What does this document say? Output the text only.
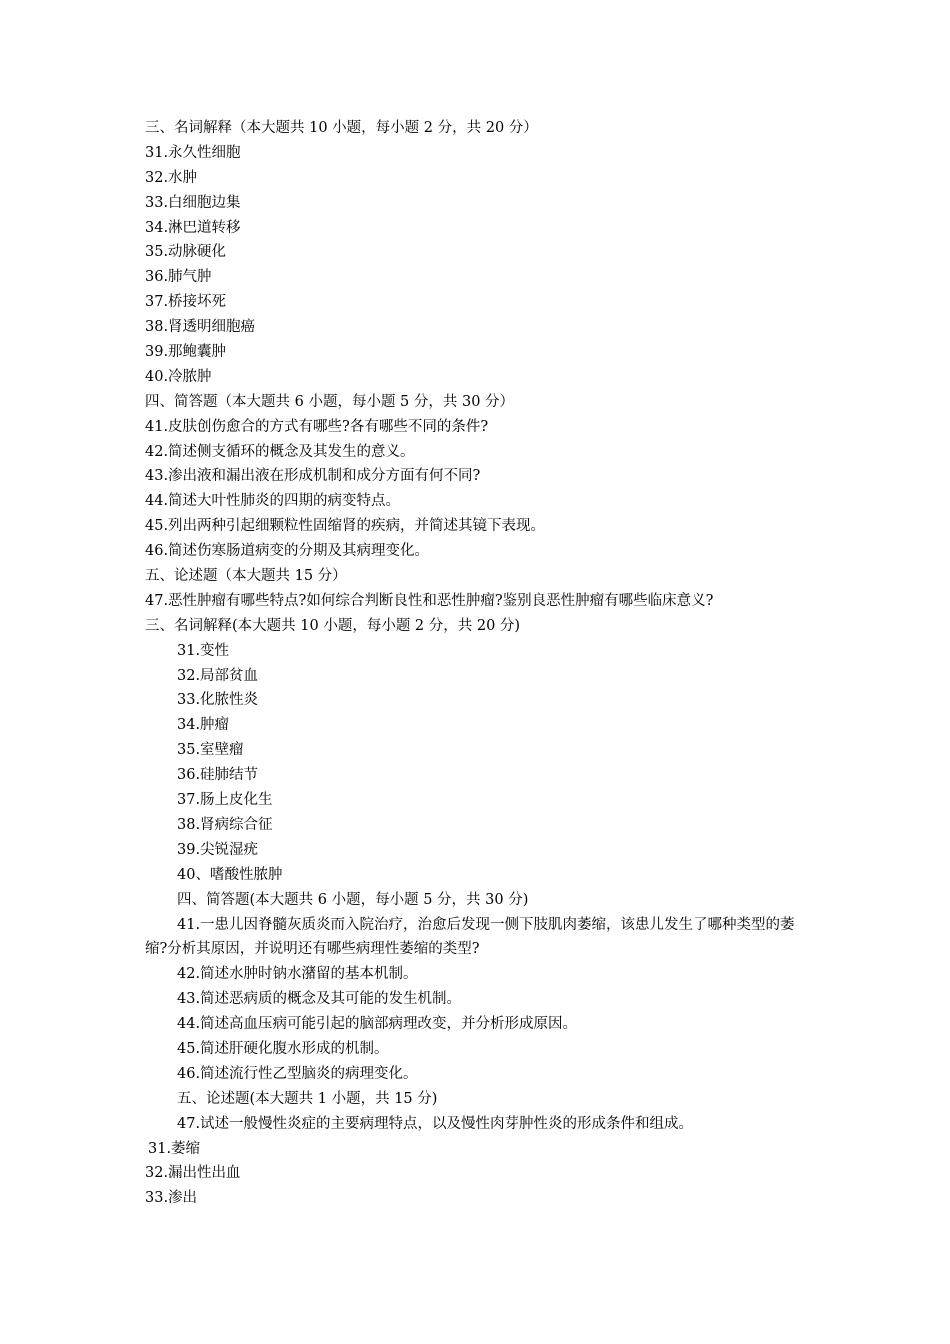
三、名词解释（本大题共 10 小题，每小题 2 分，共 20 分）

31.永久性细胞

32.水肿

33.白细胞边集

34.淋巴道转移

35.动脉硬化

36.肺气肿

37.桥接坏死

38.肾透明细胞癌

39.那鲍囊肿

40.冷脓肿

四、简答题（本大题共 6 小题，每小题 5 分，共 30 分）

41.皮肤创伤愈合的方式有哪些?各有哪些不同的条件?

42.简述侧支循环的概念及其发生的意义。

43.渗出液和漏出液在形成机制和成分方面有何不同?

44.简述大叶性肺炎的四期的病变特点。

45.列出两种引起细颗粒性固缩肾的疾病，并简述其镜下表现。

46.简述伤寒肠道病变的分期及其病理变化。

五、论述题（本大题共 15 分）

47.恶性肿瘤有哪些特点?如何综合判断良性和恶性肿瘤?鉴别良恶性肿瘤有哪些临床意义?

三、名词解释(本大题共 10 小题，每小题 2 分，共 20 分)

31.变性

32.局部贫血

33.化脓性炎

34.肿瘤

35.室壁瘤

36.硅肺结节

37.肠上皮化生

38.肾病综合征

39.尖锐湿疣

40、嗜酸性脓肿

四、简答题(本大题共 6 小题，每小题 5 分，共 30 分)

41.一患儿因脊髓灰质炎而入院治疗，治愈后发现一侧下肢肌肉萎缩，该患儿发生了哪种类型的萎缩?分析其原因，并说明还有哪些病理性萎缩的类型?

42.简述水肿时钠水潴留的基本机制。

43.简述恶病质的概念及其可能的发生机制。

44.简述高血压病可能引起的脑部病理改变，并分析形成原因。

45.简述肝硬化腹水形成的机制。

46.简述流行性乙型脑炎的病理变化。

五、论述题(本大题共 1 小题，共 15 分)

47.试述一般慢性炎症的主要病理特点，以及慢性肉芽肿性炎的形成条件和组成。

31.萎缩

32.漏出性出血

33.渗出
